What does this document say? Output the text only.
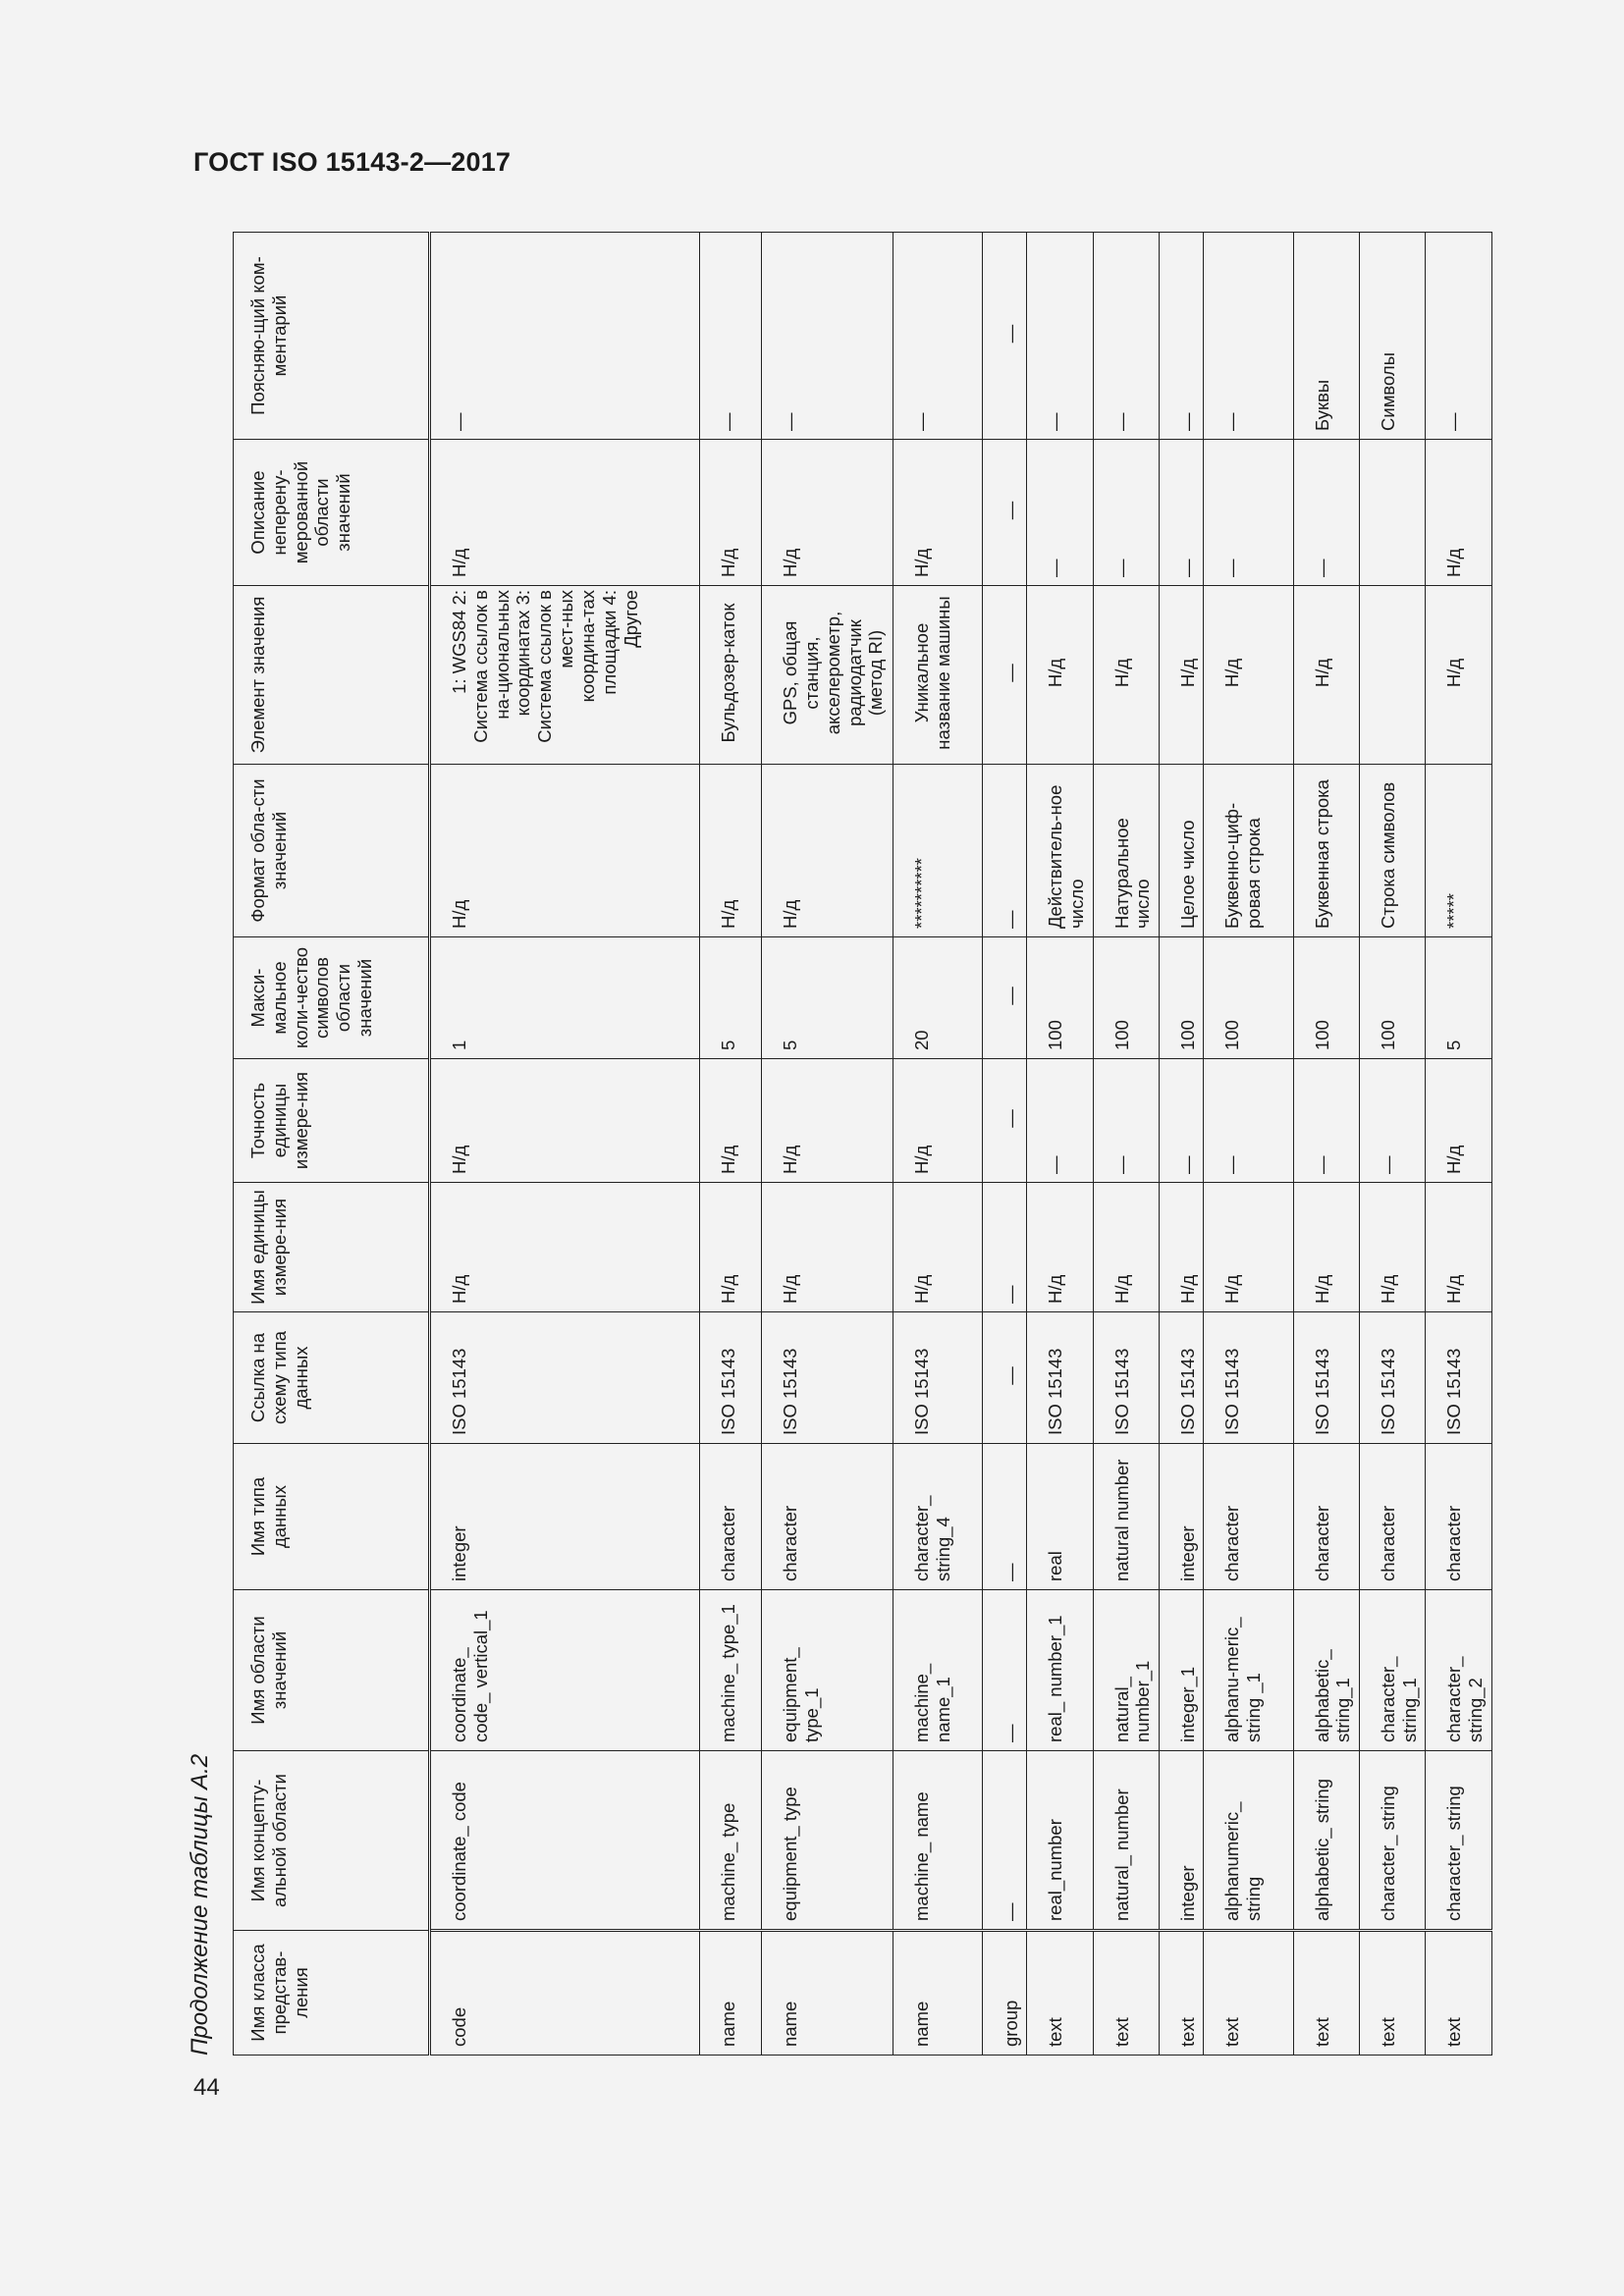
ГОСТ ISO 15143-2—2017
Продолжение таблицы А.2
44
Имя класса представ-ления	Имя концепту-альной области	Имя области значений	Имя типа данных	Ссылка на схему типа данных	Имя единицы измере-ния	Точность единицы измере-ния	Макси-мальное коли-чество символов области значений	Формат обла-сти значений	Элемент значения	Описание неперену-мерованной области значений	Поясняю-щий ком-ментарий
code	coordinate_ code	coordinate_ code_ vertical_1	integer	ISO 15143	Н/д	Н/д	1	Н/д	1: WGS84 2: Система ссылок в на-циональных координатах 3: Система ссылок в мест-ных координа-тах площадки 4: Другое	Н/д	—
name	machine_ type	machine_ type_1	character	ISO 15143	Н/д	Н/д	5	Н/д	Бульдозер-каток	Н/д	—
name	equipment_ type	equipment_ type_1	character	ISO 15143	Н/д	Н/д	5	Н/д	GPS, общая станция, акселерометр, радиодатчик (метод RI)	Н/д	—
name	machine_ name	machine_ name_1	character_ string_4	ISO 15143	Н/д	Н/д	20	**********	Уникальное название машины	Н/д	—
group	—	—	—	—	—	—	—	—	—	—	—
text	real_number	real_ number_1	real	ISO 15143	Н/д	—	100	Действитель-ное число	Н/д	—	—
text	natural_ number	natural_ number_1	natural number	ISO 15143	Н/д	—	100	Натуральное число	Н/д	—	—
text	integer	integer_1	integer	ISO 15143	Н/д	—	100	Целое число	Н/д	—	—
text	alphanumeric_ string	alphanu-meric_ string _1	character	ISO 15143	Н/д	—	100	Буквенно-циф-ровая строка	Н/д	—	—
text	alphabetic_ string	alphabetic_ string_1	character	ISO 15143	Н/д	—	100	Буквенная строка	Н/д	—	Буквы
text	character_ string	character_ string_1	character	ISO 15143	Н/д	—	100	Строка символов			Символы
text	character_ string	character_ string_2	character	ISO 15143	Н/д	Н/д	5	*****	Н/д	Н/д	—
